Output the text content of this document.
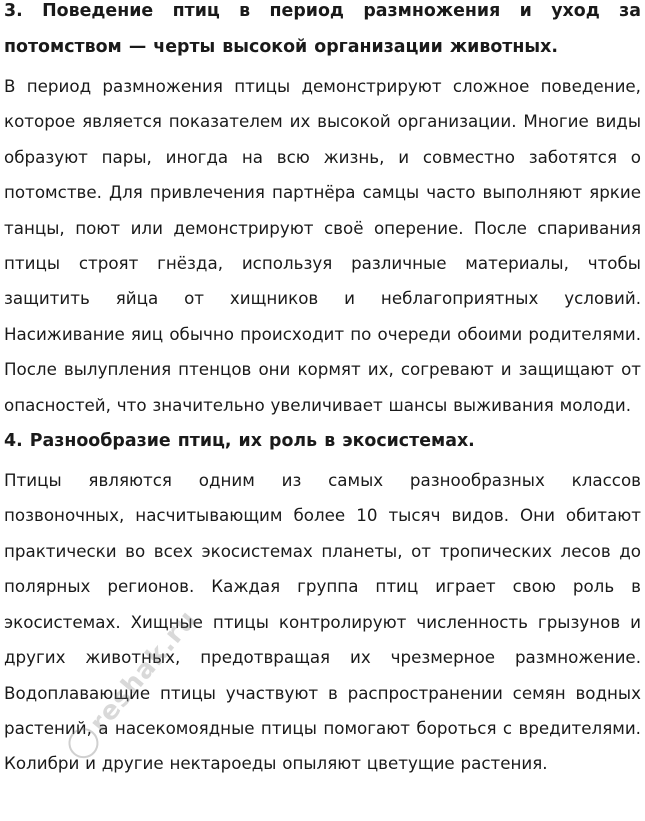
3. Поведение птиц в период размножения и уход за потомством — черты высокой организации животных.

В период размножения птицы демонстрируют сложное поведение, которое является показателем их высокой организации. Многие виды образуют пары, иногда на всю жизнь, и совместно заботятся о потомстве. Для привлечения партнёра самцы часто выполняют яркие танцы, поют или демонстрируют своё оперение. После спаривания птицы строят гнёзда, используя различные материалы, чтобы защитить яйца от хищников и неблагоприятных условий. Насиживание яиц обычно происходит по очереди обоими родителями. После вылупления птенцов они кормят их, согревают и защищают от опасностей, что значительно увеличивает шансы выживания молоди.

4. Разнообразие птиц, их роль в экосистемах.

Птицы являются одним из самых разнообразных классов позвоночных, насчитывающим более 10 тысяч видов. Они обитают практически во всех экосистемах планеты, от тропических лесов до полярных регионов. Каждая группа птиц играет свою роль в экосистемах. Хищные птицы контролируют численность грызунов и других животных, предотвращая их чрезмерное размножение. Водоплавающие птицы участвуют в распространении семян водных растений, а насекомоядные птицы помогают бороться с вредителями. Колибри и другие нектароеды опыляют цветущие растения.

reshak.ru
